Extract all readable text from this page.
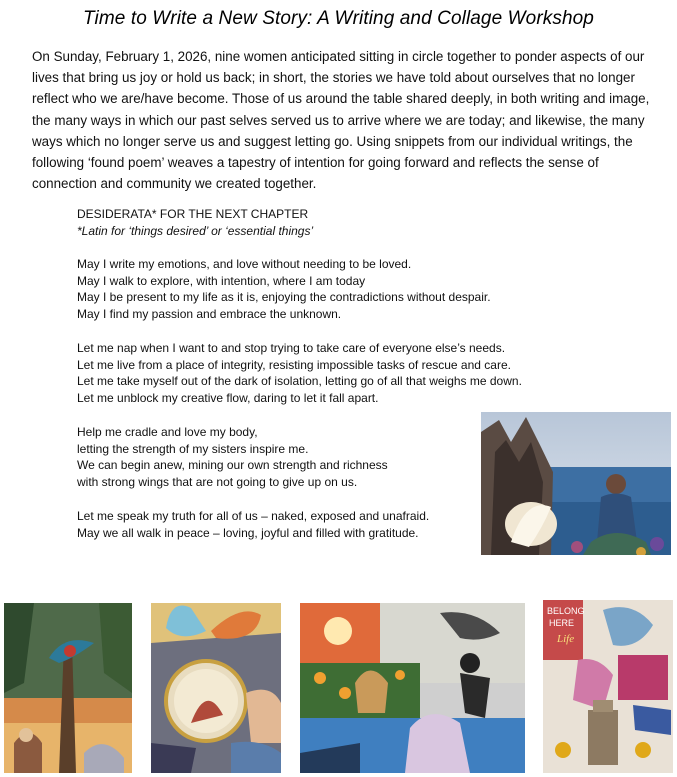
Time to Write a New Story: A Writing and Collage Workshop

On Sunday, February 1, 2026, nine women anticipated sitting in circle together to ponder aspects of our lives that bring us joy or hold us back; in short, the stories we have told about ourselves that no longer reflect who we are/have become. Those of us around the table shared deeply, in both writing and image, the many ways in which our past selves served us to arrive where we are today; and likewise, the many ways which no longer serve us and suggest letting go. Using snippets from our individual writings, the following ‘found poem’ weaves a tapestry of intention for going forward and reflects the sense of connection and community we created together.

DESIDERATA* FOR THE NEXT CHAPTER
*Latin for ‘things desired’ or ‘essential things’
May I write my emotions, and love without needing to be loved.
May I walk to explore, with intention, where I am today
May I be present to my life as it is, enjoying the contradictions without despair.
May I find my passion and embrace the unknown.
Let me nap when I want to and stop trying to take care of everyone else’s needs.
Let me live from a place of integrity, resisting impossible tasks of rescue and care.
Let me take myself out of the dark of isolation, letting go of all that weighs me down.
Let me unblock my creative flow, daring to let it fall apart.
Help me cradle and love my body,
letting the strength of my sisters inspire me.
We can begin anew, mining our own strength and richness
with strong wings that are not going to give up on us.
Let me speak my truth for all of us – naked, exposed and unafraid.
May we all walk in peace – loving, joyful and filled with gratitude.
BELONG
HERE
Life
